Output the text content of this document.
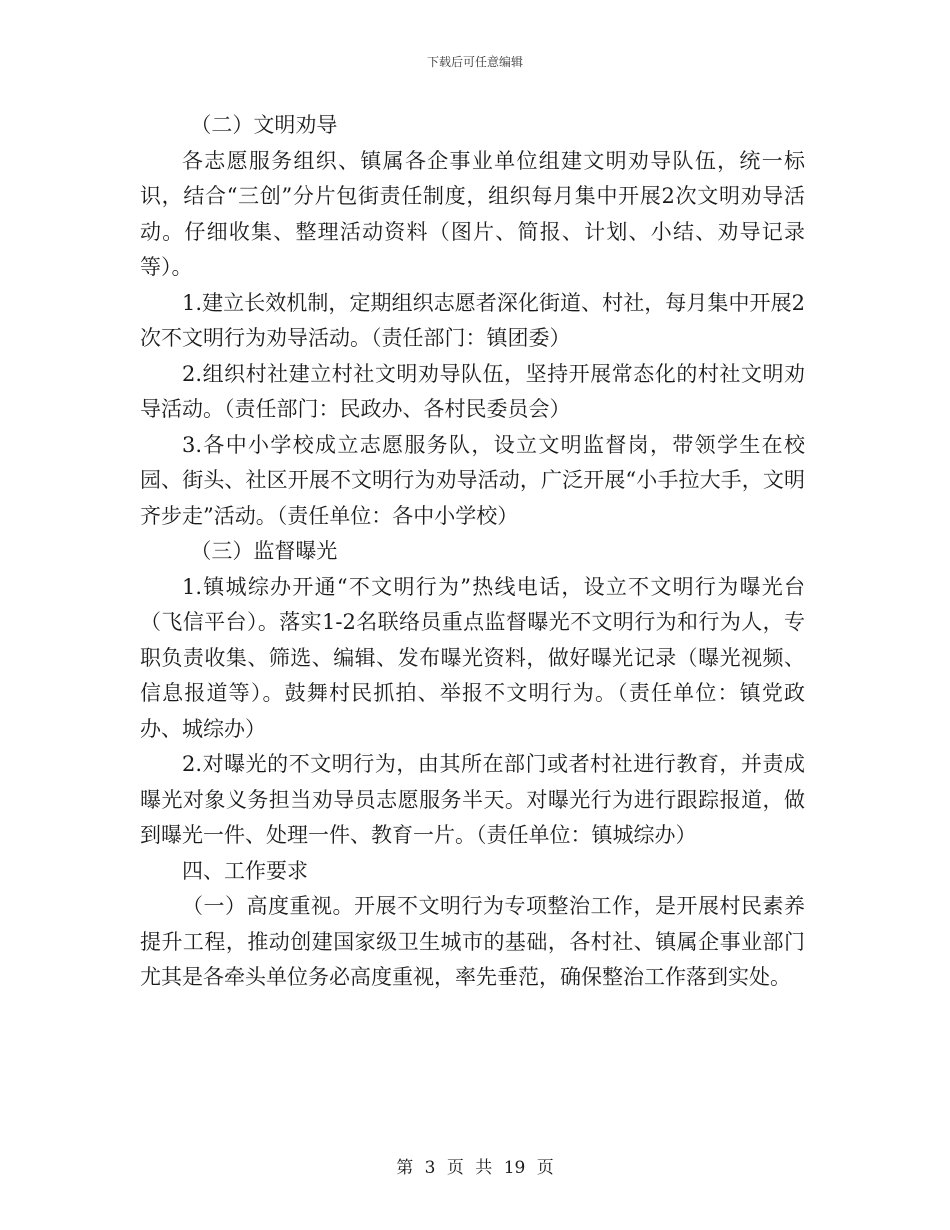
下载后可任意编辑

（二）文明劝导

各志愿服务组织、镇属各企事业单位组建文明劝导队伍，统一标识，结合“三创”分片包街责任制度，组织每月集中开展2次文明劝导活动。仔细收集、整理活动资料（图片、简报、计划、小结、劝导记录等）。

1.建立长效机制，定期组织志愿者深化街道、村社，每月集中开展2次不文明行为劝导活动。（责任部门：镇团委）

2.组织村社建立村社文明劝导队伍，坚持开展常态化的村社文明劝导活动。（责任部门：民政办、各村民委员会）

3.各中小学校成立志愿服务队，设立文明监督岗，带领学生在校园、街头、社区开展不文明行为劝导活动，广泛开展“小手拉大手，文明齐步走”活动。（责任单位：各中小学校）

（三）监督曝光

1.镇城综办开通“不文明行为”热线电话，设立不文明行为曝光台（飞信平台）。落实1-2名联络员重点监督曝光不文明行为和行为人，专职负责收集、筛选、编辑、发布曝光资料，做好曝光记录（曝光视频、信息报道等）。鼓舞村民抓拍、举报不文明行为。（责任单位：镇党政办、城综办）

2.对曝光的不文明行为，由其所在部门或者村社进行教育，并责成曝光对象义务担当劝导员志愿服务半天。对曝光行为进行跟踪报道，做到曝光一件、处理一件、教育一片。（责任单位：镇城综办）

四、工作要求

（一）高度重视。开展不文明行为专项整治工作，是开展村民素养提升工程，推动创建国家级卫生城市的基础，各村社、镇属企事业部门尤其是各牵头单位务必高度重视，率先垂范，确保整治工作落到实处。

第 3 页 共 19 页
